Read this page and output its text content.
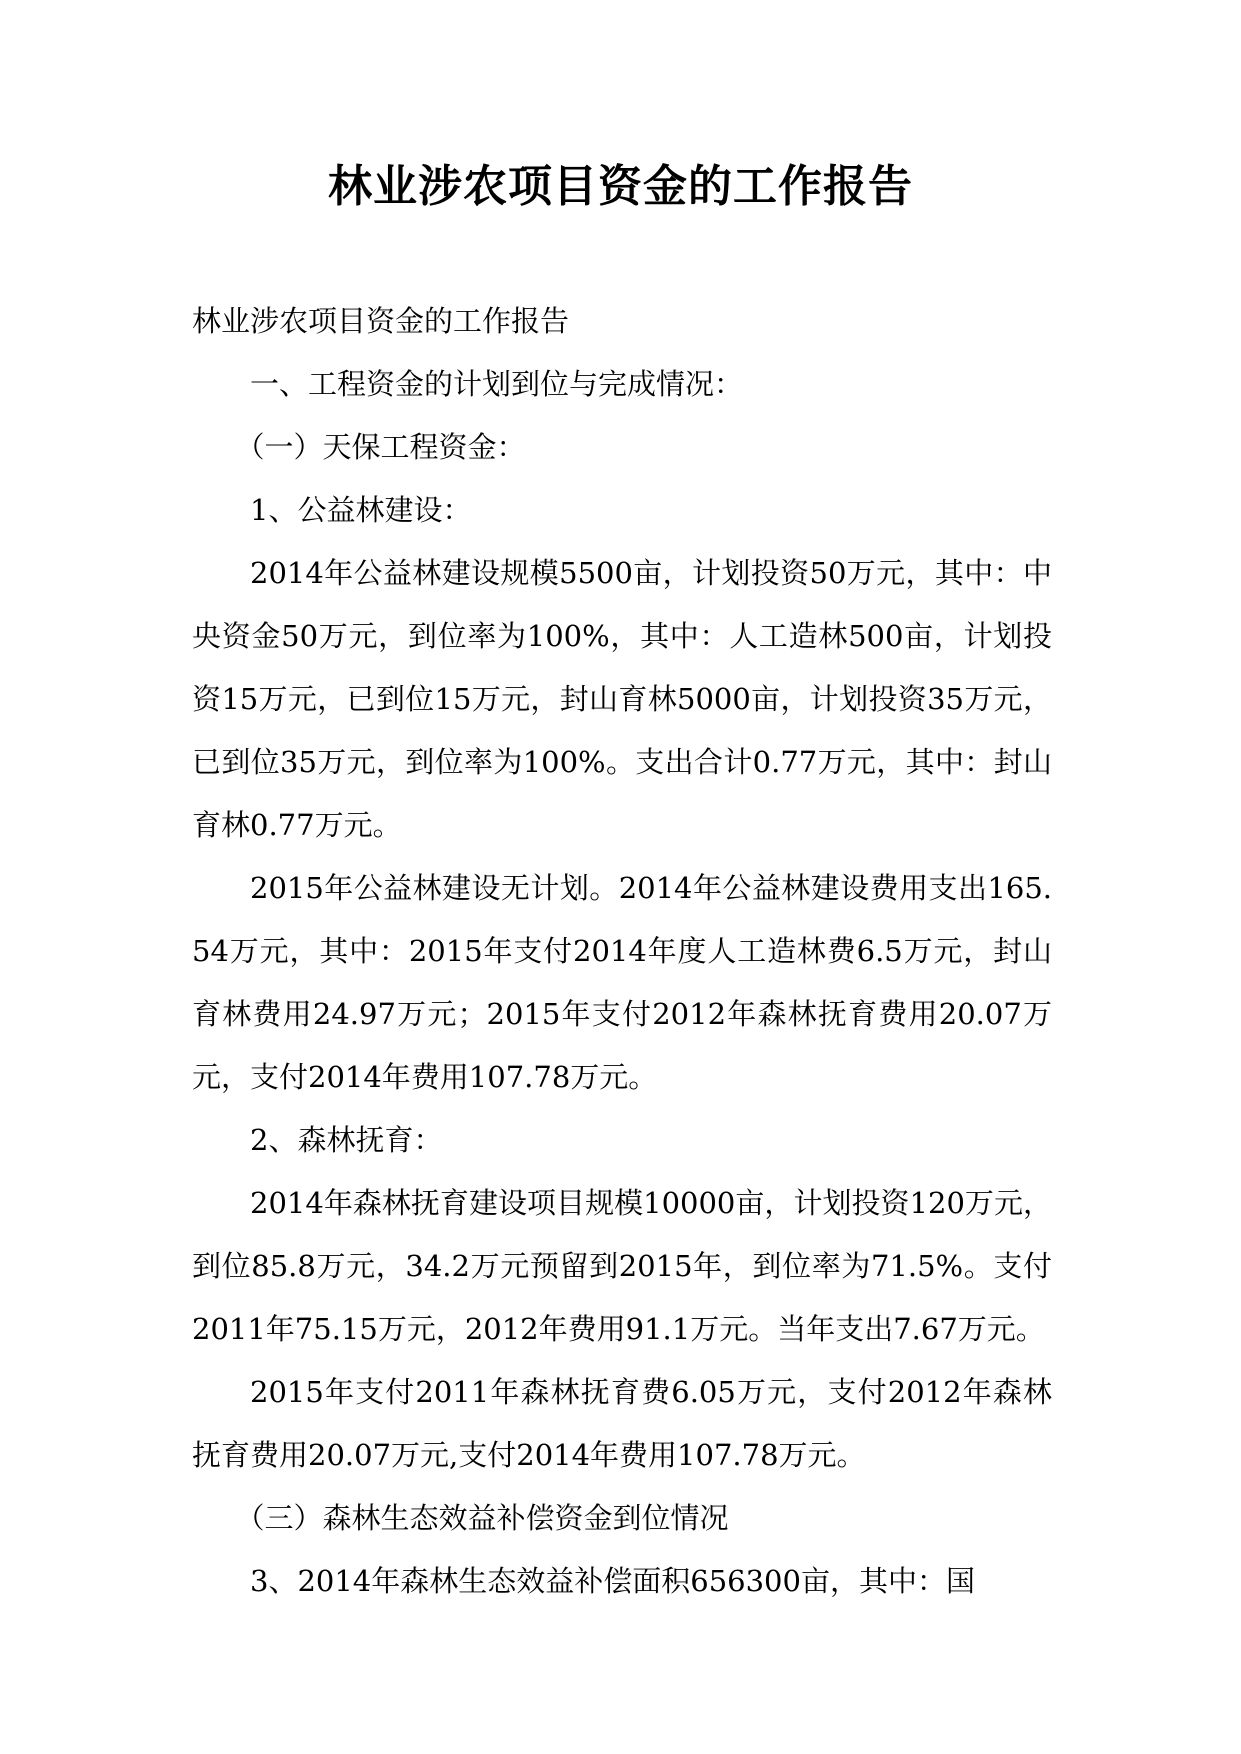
林业涉农项目资金的工作报告

林业涉农项目资金的工作报告

一、工程资金的计划到位与完成情况：

（一）天保工程资金：

1、公益林建设：

2014年公益林建设规模5500亩，计划投资50万元，其中：中央资金50万元，到位率为100%，其中：人工造林500亩，计划投资15万元，已到位15万元，封山育林5000亩，计划投资35万元，已到位35万元，到位率为100%。支出合计0.77万元，其中：封山育林0.77万元。

2015年公益林建设无计划。2014年公益林建设费用支出165.54万元，其中：2015年支付2014年度人工造林费6.5万元，封山育林费用24.97万元；2015年支付2012年森林抚育费用20.07万元，支付2014年费用107.78万元。

2、森林抚育：

2014年森林抚育建设项目规模10000亩，计划投资120万元，到位85.8万元，34.2万元预留到2015年，到位率为71.5%。支付2011年75.15万元，2012年费用91.1万元。当年支出7.67万元。

2015年支付2011年森林抚育费6.05万元，支付2012年森林抚育费用20.07万元,支付2014年费用107.78万元。

（三）森林生态效益补偿资金到位情况

3、2014年森林生态效益补偿面积656300亩，其中：国
